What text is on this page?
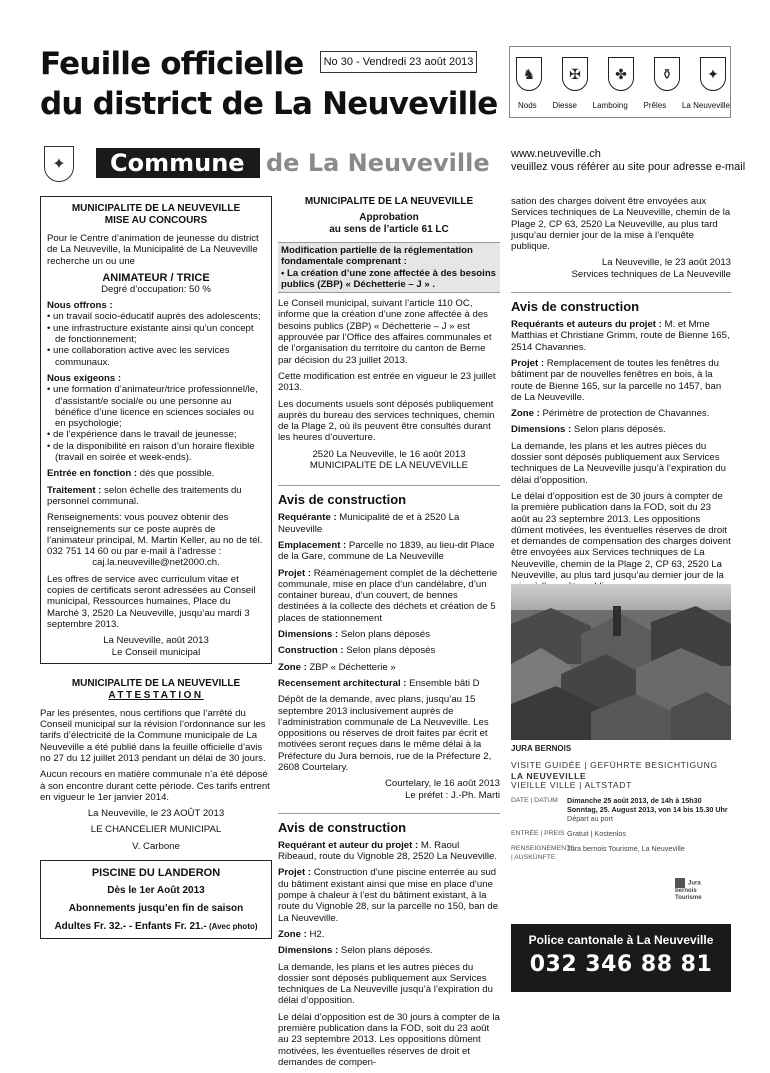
Feuille officielle
du district de La Neuveville
No 30 - Vendredi 23 août 2013
♞	✠	✤	⚱	✦
Nods Diesse Lamboing Prêles La Neuveville
✦	Commune de La Neuveville www.neuveville.ch
veuillez vous référer au site pour adresse e-mail
MUNICIPALITE DE LA NEUVEVILLE
MISE AU CONCOURS

Pour le Centre d’animation de jeunesse du district de La Neuveville, la Municipalité de La Neuveville recherche un ou une

ANIMATEUR / TRICE

Degré d’occupation: 50 %

Nous offrons :
• un travail socio-éducatif auprès des adolescents;
• une infrastructure existante ainsi qu’un concept de fonctionnement;
• une collaboration active avec les services communaux.
Nous exigeons :
• une formation d’animateur/trice professionnel/le, d’assistant/e social/e ou une personne au bénéfice d’une licence en sciences sociales ou en psychologie;
• de l’expérience dans le travail de jeunesse;
• de la disponibilité en raison d’un horaire flexible (travail en soirée et week-ends).

Entrée en fonction : dès que possible.

Traitement : selon échelle des traitements du personnel communal.

Renseignements: vous pouvez obtenir des renseignements sur ce poste auprès de l’animateur principal, M. Martin Keller, au no de tél. 032 751 14 60 ou par e-mail à l’adresse :

caj.la.neuveville@net2000.ch.

Les offres de service avec curriculum vitae et copies de certificats seront adressées au Conseil municipal, Ressources humaines, Place du Marché 3, 2520 La Neuveville, jusqu’au mardi 3 septembre 2013.

La Neuveville, août 2013
Le Conseil municipal
MUNICIPALITE DE LA NEUVEVILLE
ATTESTATION

Par les présentes, nous certifions que l’arrêté du Conseil municipal sur la révision l’ordonnance sur les tarifs d’électricité de la Commune municipale de La Neuveville a été publié dans la feuille officielle d’avis no 27 du 12 juillet 2013 pendant un délai de 30 jours.

Aucun recours en matière communale n’a été déposé à son encontre durant cette période. Ces tarifs entrent en vigueur le 1er janvier 2014.

La Neuveville, le 23 AOÛT 2013

LE CHANCELIER MUNICIPAL

V. Carbone

PISCINE DU LANDERON
Dès le 1er Août 2013
Abonnements jusqu’en fin de saison
Adultes Fr. 32.- - Enfants Fr. 21.- (Avec photo)
MUNICIPALITE DE LA NEUVEVILLE
Approbation
au sens de l’article 61 LC
Modification partielle de la réglementation fondamentale comprenant :
• La création d’une zone affectée à des besoins publics (ZBP) « Déchetterie – J » .

Le Conseil municipal, suivant l’article 110 OC, informe que la création d’une zone affectée à des besoins publics (ZBP) « Déchetterie – J » est approuvée par l’Office des affaires communales et de l’organisation du territoire du canton de Berne par décision du 23 juillet 2013.

Cette modification est entrée en vigueur le 23 juillet 2013.

Les documents usuels sont déposés publiquement auprès du bureau des services techniques, chemin de la Plage 2, où ils peuvent être consultés durant les heures d’ouverture.

2520 La Neuveville, le 16 août 2013
MUNICIPALITE DE LA NEUVEVILLE
Avis de construction

Requérante : Municipalité de et à 2520 La Neuveville

Emplacement : Parcelle no 1839, au lieu-dit Place de la Gare, commune de La Neuveville

Projet : Réaménagement complet de la déchetterie communale, mise en place d’un candélabre, d’un container bureau, d’un couvert, de bennes destinées à la collecte des déchets et création de 5 places de stationnement

Dimensions : Selon plans déposés

Construction : Selon plans déposés

Zone : ZBP « Déchetterie »

Recensement architectural : Ensemble bâti D

Dépôt de la demande, avec plans, jusqu’au 15 septembre 2013 inclusivement auprès de l’administration communale de La Neuveville. Les oppositions ou réserves de droit faites par écrit et motivées seront reçues dans le même délai à la Préfecture du Jura bernois, rue de la Préfecture 2, 2608 Courtelary.

Courtelary, le 16 août 2013
Le préfet : J.-Ph. Marti
Avis de construction

Requérant et auteur du projet : M. Raoul Ribeaud, route du Vignoble 28, 2520 La Neuveville.

Projet : Construction d’une piscine enterrée au sud du bâtiment existant ainsi que mise en place d’une pompe à chaleur à l’est du bâtiment existant, à la route du Vignoble 28, sur la parcelle no 150, ban de La Neuveville.

Zone : H2.

Dimensions : Selon plans déposés.

La demande, les plans et les autres pièces du dossier sont déposés publiquement aux Services techniques de La Neuveville jusqu’à l’expiration du délai d’opposition.

Le délai d’opposition est de 30 jours à compter de la première publication dans la FOD, soit du 23 août au 23 septembre 2013. Les oppositions dûment motivées, les éventuelles réserves de droit et demandes de compen-

sation des charges doivent être envoyées aux Services techniques de La Neuveville, chemin de la Plage 2, CP 63, 2520 La Neuveville, au plus tard jusqu’au dernier jour de la mise à l’enquête publique.

La Neuveville, le 23 août 2013
Services techniques de La Neuveville
Avis de construction

Requérants et auteurs du projet : M. et Mme Matthias et Christiane Grimm, route de Bienne 165, 2514 Chavannes.

Projet : Remplacement de toutes les fenêtres du bâtiment par de nouvelles fenêtres en bois, à la route de Bienne 165, sur la parcelle no 1457, ban de La Neuveville.

Zone : Périmètre de protection de Chavannes.

Dimensions : Selon plans déposés.

La demande, les plans et les autres pièces du dossier sont déposés publiquement aux Services techniques de La Neuveville jusqu’à l’expiration du délai d’opposition.

Le délai d’opposition est de 30 jours à compter de la première publication dans la FOD, soit du 23 août au 23 septembre 2013. Les oppositions dûment motivées, les éventuelles réserves de droit et demandes de compensation des charges doivent être envoyées aux Services techniques de La Neuveville, chemin de la Plage 2, CP 63, 2520 La Neuveville, au plus tard jusqu’au dernier jour de la

JURA BERNOIS
VISITE GUIDÉE | GEFÜHRTE BESICHTIGUNG
LA NEUVEVILLE
VIEILLE VILLE | ALTSTADT
DATE | DATUM	Dimanche 25 août 2013, de 14h à 15h30
Sonntag, 25. August 2013, von 14 bis 15.30 Uhr
Départ au port
ENTRÉE | PREIS Gratuit | Kostenlos
RENSEIGNEMENTS | AUSKÜNFTE
Jura bernois Tourisme, La Neuveville
Jura bernois Tourisme
Police cantonale à La Neuveville
032 346 88 81
